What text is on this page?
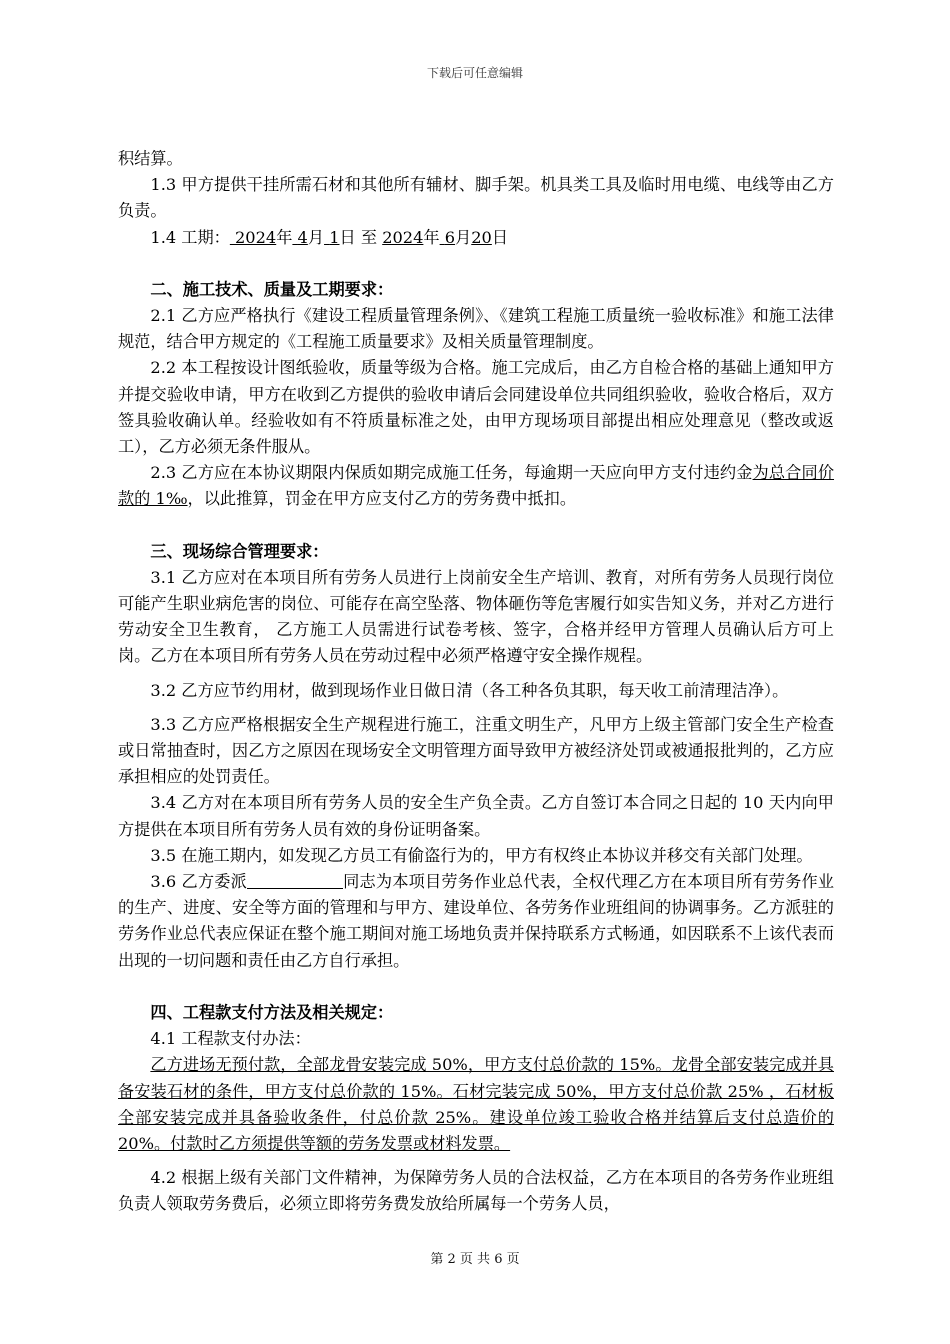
下载后可任意编辑

积结算。

1.3 甲方提供干挂所需石材和其他所有辅材、脚手架。机具类工具及临时用电缆、电线等由乙方负责。

1.4 工期： 2024年 4月 1日 至 2024年 6月20日

二、施工技术、质量及工期要求：

2.1 乙方应严格执行《建设工程质量管理条例》、《建筑工程施工质量统一验收标准》和施工法律规范，结合甲方规定的《工程施工质量要求》及相关质量管理制度。

2.2 本工程按设计图纸验收，质量等级为合格。施工完成后，由乙方自检合格的基础上通知甲方并提交验收申请，甲方在收到乙方提供的验收申请后会同建设单位共同组织验收，验收合格后，双方签具验收确认单。经验收如有不符质量标准之处，由甲方现场项目部提出相应处理意见（整改或返工），乙方必须无条件服从。

2.3 乙方应在本协议期限内保质如期完成施工任务，每逾期一天应向甲方支付违约金为总合同价款的 1‰，以此推算，罚金在甲方应支付乙方的劳务费中抵扣。

三、现场综合管理要求：

3.1 乙方应对在本项目所有劳务人员进行上岗前安全生产培训、教育，对所有劳务人员现行岗位可能产生职业病危害的岗位、可能存在高空坠落、物体砸伤等危害履行如实告知义务，并对乙方进行劳动安全卫生教育， 乙方施工人员需进行试卷考核、签字，合格并经甲方管理人员确认后方可上岗。乙方在本项目所有劳务人员在劳动过程中必须严格遵守安全操作规程。

3.2 乙方应节约用材，做到现场作业日做日清（各工种各负其职，每天收工前清理洁净）。

3.3 乙方应严格根据安全生产规程进行施工，注重文明生产，凡甲方上级主管部门安全生产检查或日常抽查时，因乙方之原因在现场安全文明管理方面导致甲方被经济处罚或被通报批判的，乙方应承担相应的处罚责任。

3.4 乙方对在本项目所有劳务人员的安全生产负全责。乙方自签订本合同之日起的 10 天内向甲方提供在本项目所有劳务人员有效的身份证明备案。

3.5 在施工期内，如发现乙方员工有偷盗行为的，甲方有权终止本协议并移交有关部门处理。

3.6 乙方委派	同志为本项目劳务作业总代表，全权代理乙方在本项目所有劳务作业的生产、进度、安全等方面的管理和与甲方、建设单位、各劳务作业班组间的协调事务。乙方派驻的劳务作业总代表应保证在整个施工期间对施工场地负责并保持联系方式畅通，如因联系不上该代表而出现的一切问题和责任由乙方自行承担。

四、工程款支付方法及相关规定：

4.1 工程款支付办法：

乙方进场无预付款，全部龙骨安装完成 50%，甲方支付总价款的 15%。龙骨全部安装完成并具备安装石材的条件，甲方支付总价款的 15%。石材完装完成 50%，甲方支付总价款 25% ，石材板全部安装完成并具备验收条件，付总价款 25%。建设单位竣工验收合格并结算后支付总造价的 20%。付款时乙方须提供等额的劳务发票或材料发票。

4.2 根据上级有关部门文件精神，为保障劳务人员的合法权益，乙方在本项目的各劳务作业班组负责人领取劳务费后，必须立即将劳务费发放给所属每一个劳务人员，

第 2 页 共 6 页
